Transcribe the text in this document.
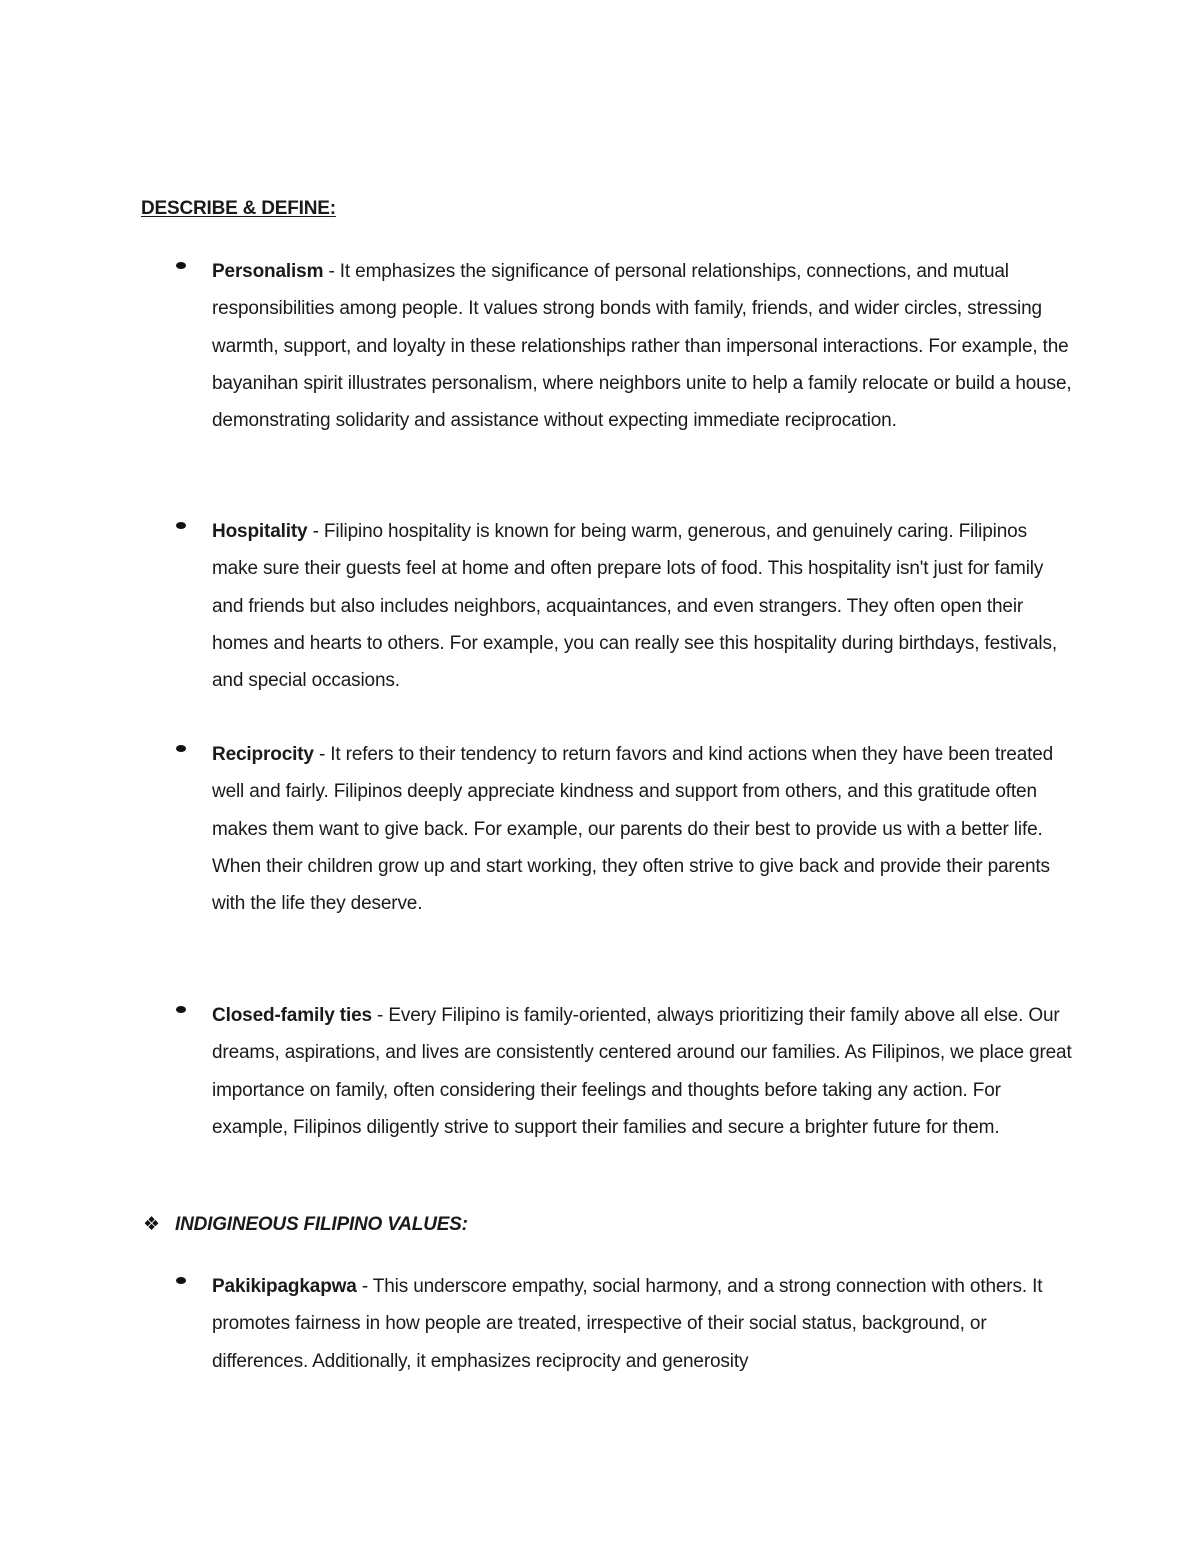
DESCRIBE & DEFINE:

Personalism - It emphasizes the significance of personal relationships, connections, and mutual responsibilities among people. It values strong bonds with family, friends, and wider circles, stressing warmth, support, and loyalty in these relationships rather than impersonal interactions. For example, the bayanihan spirit illustrates personalism, where neighbors unite to help a family relocate or build a house, demonstrating solidarity and assistance without expecting immediate reciprocation.

Hospitality - Filipino hospitality is known for being warm, generous, and genuinely caring. Filipinos make sure their guests feel at home and often prepare lots of food. This hospitality isn't just for family and friends but also includes neighbors, acquaintances, and even strangers. They often open their homes and hearts to others. For example, you can really see this hospitality during birthdays, festivals, and special occasions.

Reciprocity - It refers to their tendency to return favors and kind actions when they have been treated well and fairly. Filipinos deeply appreciate kindness and support from others, and this gratitude often makes them want to give back. For example, our parents do their best to provide us with a better life. When their children grow up and start working, they often strive to give back and provide their parents with the life they deserve.

Closed-family ties - Every Filipino is family-oriented, always prioritizing their family above all else. Our dreams, aspirations, and lives are consistently centered around our families. As Filipinos, we place great importance on family, often considering their feelings and thoughts before taking any action. For example, Filipinos diligently strive to support their families and secure a brighter future for them.

❖ INDIGINEOUS FILIPINO VALUES:

Pakikipagkapwa - This underscore empathy, social harmony, and a strong connection with others. It promotes fairness in how people are treated, irrespective of their social status, background, or differences. Additionally, it emphasizes reciprocity and generosity
